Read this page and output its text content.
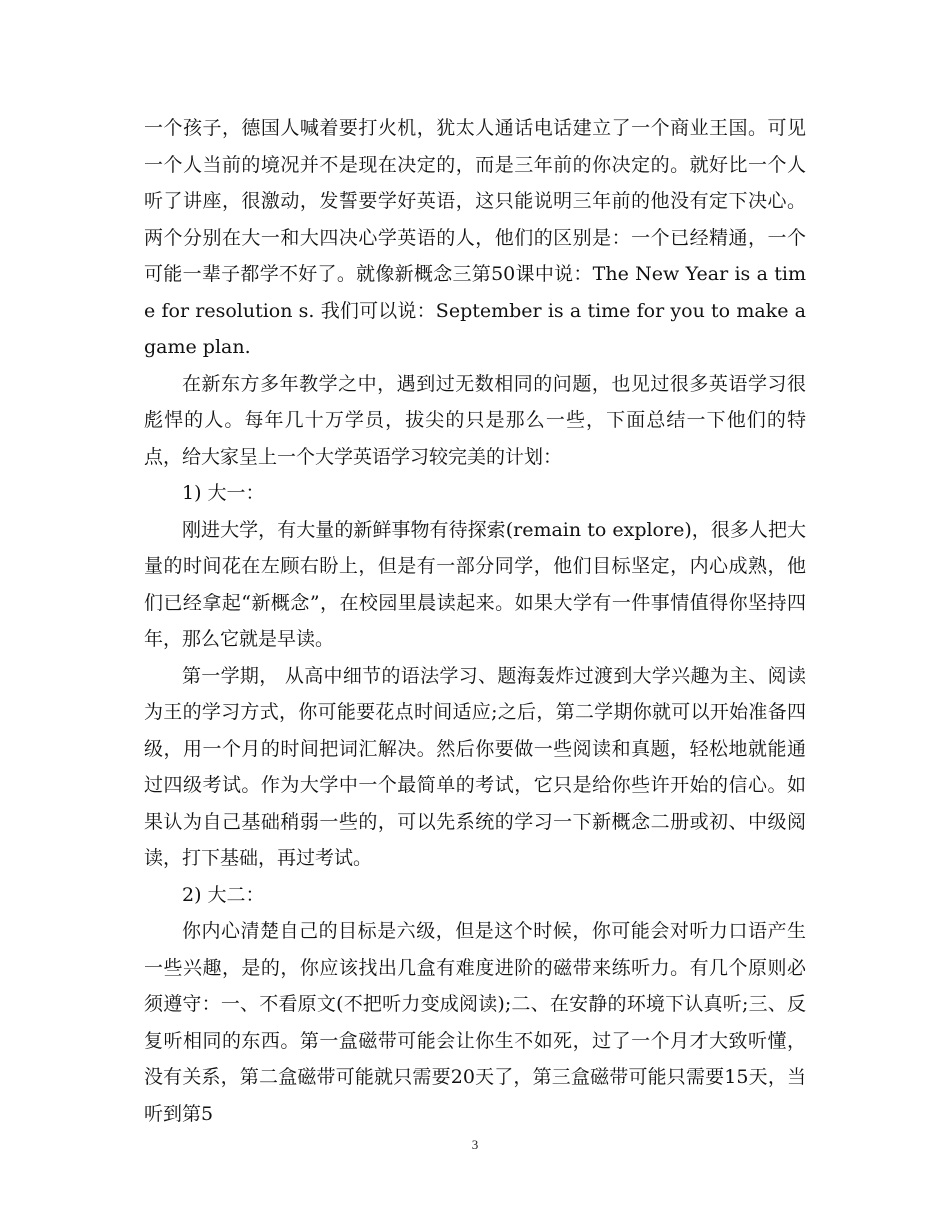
一个孩子，德国人喊着要打火机，犹太人通话电话建立了一个商业王国。可见一个人当前的境况并不是现在决定的，而是三年前的你决定的。就好比一个人听了讲座，很激动，发誓要学好英语，这只能说明三年前的他没有定下决心。两个分别在大一和大四决心学英语的人，他们的区别是：一个已经精通，一个可能一辈子都学不好了。就像新概念三第50课中说：The New Year is a time for resolution s. 我们可以说：September is a time for you to make a game plan.

在新东方多年教学之中，遇到过无数相同的问题，也见过很多英语学习很彪悍的人。每年几十万学员，拔尖的只是那么一些，下面总结一下他们的特点，给大家呈上一个大学英语学习较完美的计划：

1) 大一：

刚进大学，有大量的新鲜事物有待探索(remain to explore)，很多人把大量的时间花在左顾右盼上，但是有一部分同学，他们目标坚定，内心成熟，他们已经拿起“新概念”，在校园里晨读起来。如果大学有一件事情值得你坚持四年，那么它就是早读。

第一学期， 从高中细节的语法学习、题海轰炸过渡到大学兴趣为主、阅读为王的学习方式，你可能要花点时间适应;之后，第二学期你就可以开始准备四级，用一个月的时间把词汇解决。然后你要做一些阅读和真题，轻松地就能通过四级考试。作为大学中一个最简单的考试，它只是给你些许开始的信心。如果认为自己基础稍弱一些的，可以先系统的学习一下新概念二册或初、中级阅读，打下基础，再过考试。

2) 大二：

你内心清楚自己的目标是六级，但是这个时候，你可能会对听力口语产生一些兴趣，是的，你应该找出几盒有难度进阶的磁带来练听力。有几个原则必须遵守：一、不看原文(不把听力变成阅读);二、在安静的环境下认真听;三、反复听相同的东西。第一盒磁带可能会让你生不如死，过了一个月才大致听懂，没有关系，第二盒磁带可能就只需要20天了，第三盒磁带可能只需要15天，当听到第5

3
